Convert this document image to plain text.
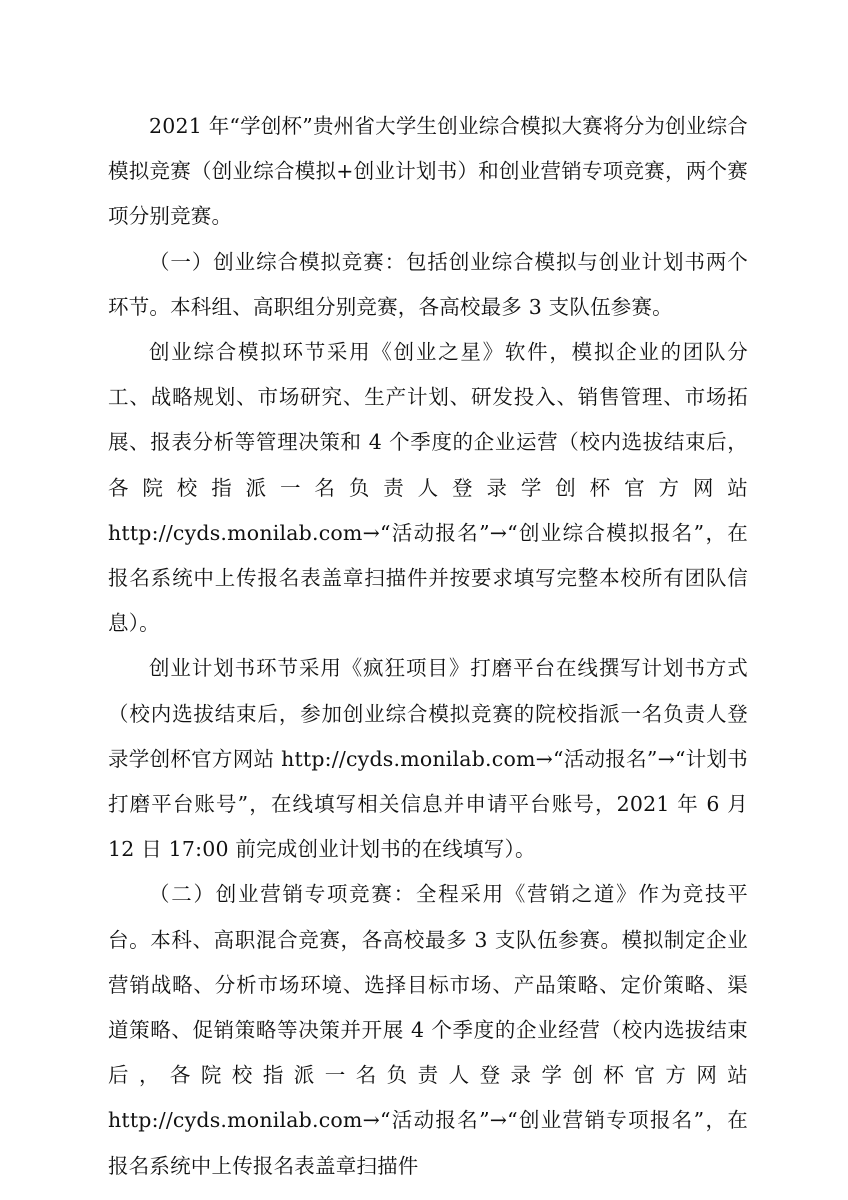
2021 年“学创杯”贵州省大学生创业综合模拟大赛将分为创业综合模拟竞赛（创业综合模拟+创业计划书）和创业营销专项竞赛，两个赛项分别竞赛。

（一）创业综合模拟竞赛：包括创业综合模拟与创业计划书两个环节。本科组、高职组分别竞赛，各高校最多 3 支队伍参赛。

创业综合模拟环节采用《创业之星》软件，模拟企业的团队分工、战略规划、市场研究、生产计划、研发投入、销售管理、市场拓展、报表分析等管理决策和 4 个季度的企业运营（校内选拔结束后，各院校指派一名负责人登录学创杯官方网站 http://cyds.monilab.com→“活动报名”→“创业综合模拟报名”，在报名系统中上传报名表盖章扫描件并按要求填写完整本校所有团队信息）。

创业计划书环节采用《疯狂项目》打磨平台在线撰写计划书方式（校内选拔结束后，参加创业综合模拟竞赛的院校指派一名负责人登录学创杯官方网站 http://cyds.monilab.com→“活动报名”→“计划书打磨平台账号”，在线填写相关信息并申请平台账号，2021 年 6 月 12 日 17:00 前完成创业计划书的在线填写）。

（二）创业营销专项竞赛：全程采用《营销之道》作为竞技平台。本科、高职混合竞赛，各高校最多 3 支队伍参赛。模拟制定企业营销战略、分析市场环境、选择目标市场、产品策略、定价策略、渠道策略、促销策略等决策并开展 4 个季度的企业经营（校内选拔结束后，各院校指派一名负责人登录学创杯官方网站 http://cyds.monilab.com→“活动报名”→“创业营销专项报名”，在报名系统中上传报名表盖章扫描件
